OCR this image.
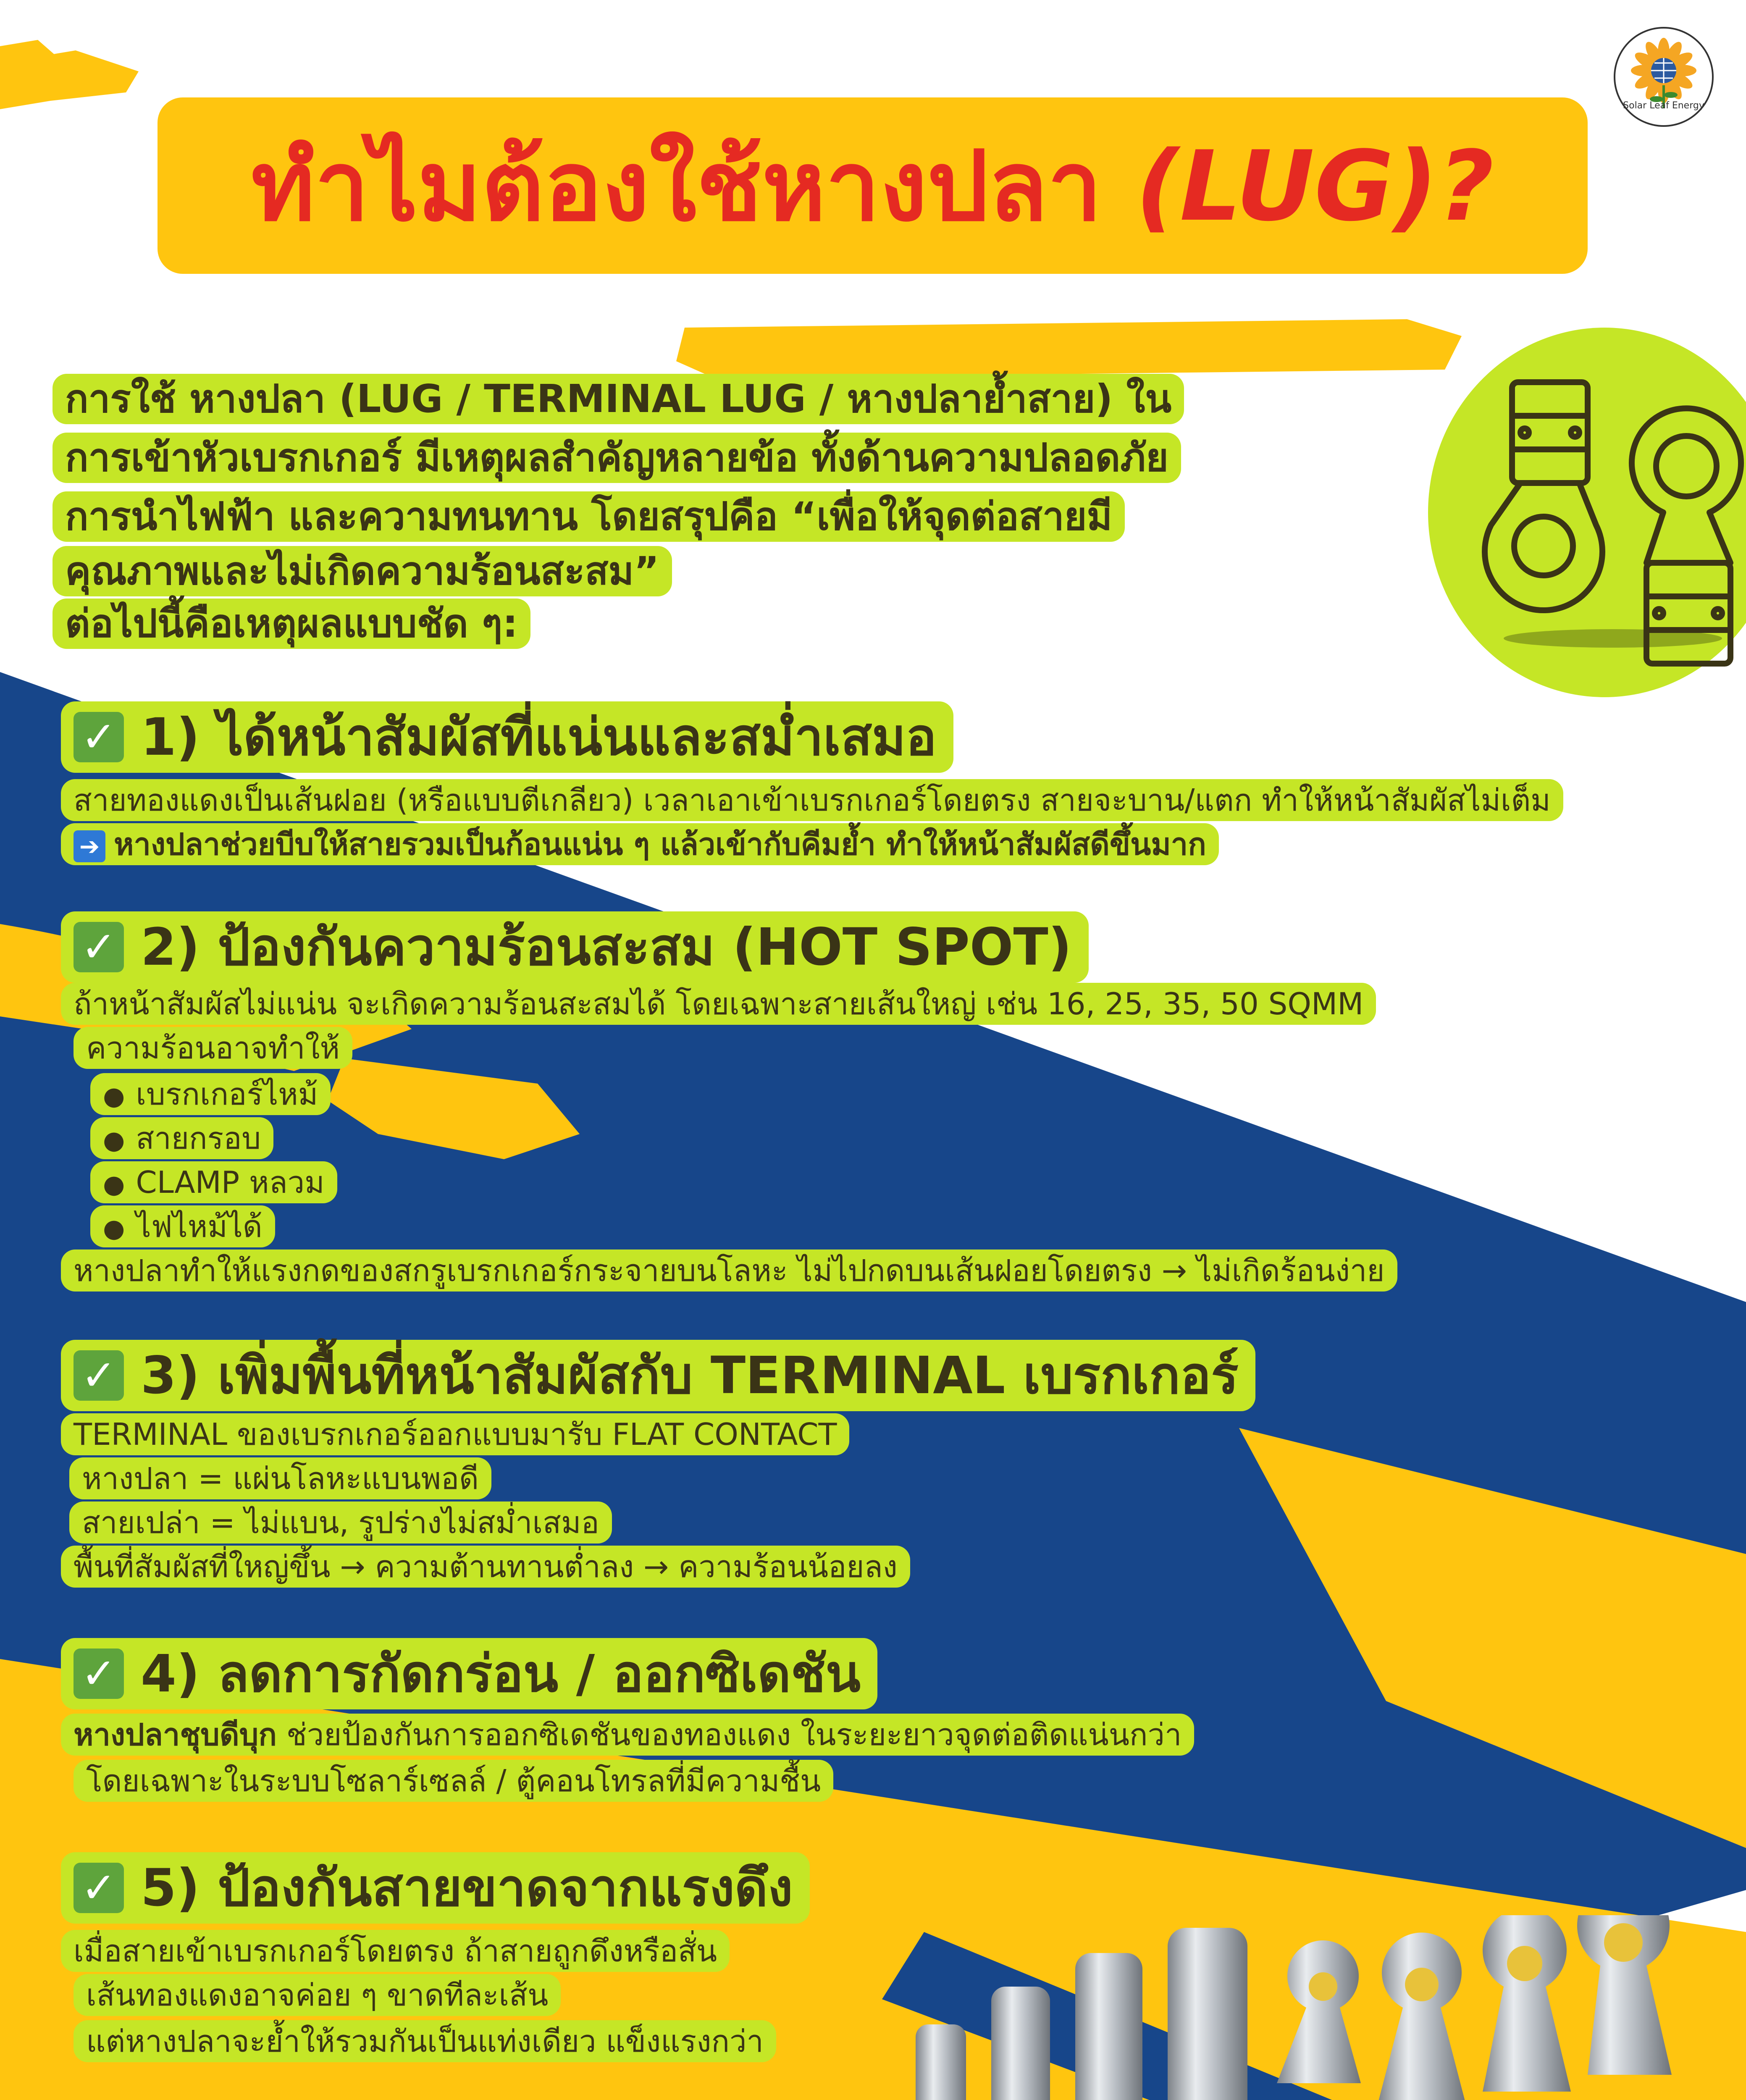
ทำไมต้องใช้หางปลา (LUG)?
Solar Leaf Energy
การใช้ หางปลา (LUG / TERMINAL LUG / หางปลาย้ำสาย) ใน
การเข้าหัวเบรกเกอร์ มีเหตุผลสำคัญหลายข้อ ทั้งด้านความปลอดภัย
การนำไฟฟ้า และความทนทาน โดยสรุปคือ “เพื่อให้จุดต่อสายมี
คุณภาพและไม่เกิดความร้อนสะสม”
ต่อไปนี้คือเหตุผลแบบชัด ๆ:
✓ 1) ได้หน้าสัมผัสที่แน่นและสม่ำเสมอ
สายทองแดงเป็นเส้นฝอย (หรือแบบตีเกลียว) เวลาเอาเข้าเบรกเกอร์โดยตรง สายจะบาน/แตก ทำให้หน้าสัมผัสไม่เต็ม
➔ หางปลาช่วยบีบให้สายรวมเป็นก้อนแน่น ๆ แล้วเข้ากับคีมย้ำ ทำให้หน้าสัมผัสดีขึ้นมาก
✓ 2) ป้องกันความร้อนสะสม (HOT SPOT)
ถ้าหน้าสัมผัสไม่แน่น จะเกิดความร้อนสะสมได้ โดยเฉพาะสายเส้นใหญ่ เช่น 16, 25, 35, 50 SQMM
ความร้อนอาจทำให้
● เบรกเกอร์ไหม้
● สายกรอบ
● CLAMP หลวม
● ไฟไหม้ได้
หางปลาทำให้แรงกดของสกรูเบรกเกอร์กระจายบนโลหะ ไม่ไปกดบนเส้นฝอยโดยตรง → ไม่เกิดร้อนง่าย
✓ 3) เพิ่มพื้นที่หน้าสัมผัสกับ TERMINAL เบรกเกอร์
TERMINAL ของเบรกเกอร์ออกแบบมารับ FLAT CONTACT
หางปลา = แผ่นโลหะแบนพอดี
สายเปล่า = ไม่แบน, รูปร่างไม่สม่ำเสมอ
พื้นที่สัมผัสที่ใหญ่ขึ้น → ความต้านทานต่ำลง → ความร้อนน้อยลง
✓ 4) ลดการกัดกร่อน / ออกซิเดชัน
หางปลาชุบดีบุก ช่วยป้องกันการออกซิเดชันของทองแดง ในระยะยาวจุดต่อติดแน่นกว่า
โดยเฉพาะในระบบโซลาร์เซลล์ / ตู้คอนโทรลที่มีความชื้น
✓ 5) ป้องกันสายขาดจากแรงดึง
เมื่อสายเข้าเบรกเกอร์โดยตรง ถ้าสายถูกดึงหรือสั่น
เส้นทองแดงอาจค่อย ๆ ขาดทีละเส้น
แต่หางปลาจะย้ำให้รวมกันเป็นแท่งเดียว แข็งแรงกว่า
